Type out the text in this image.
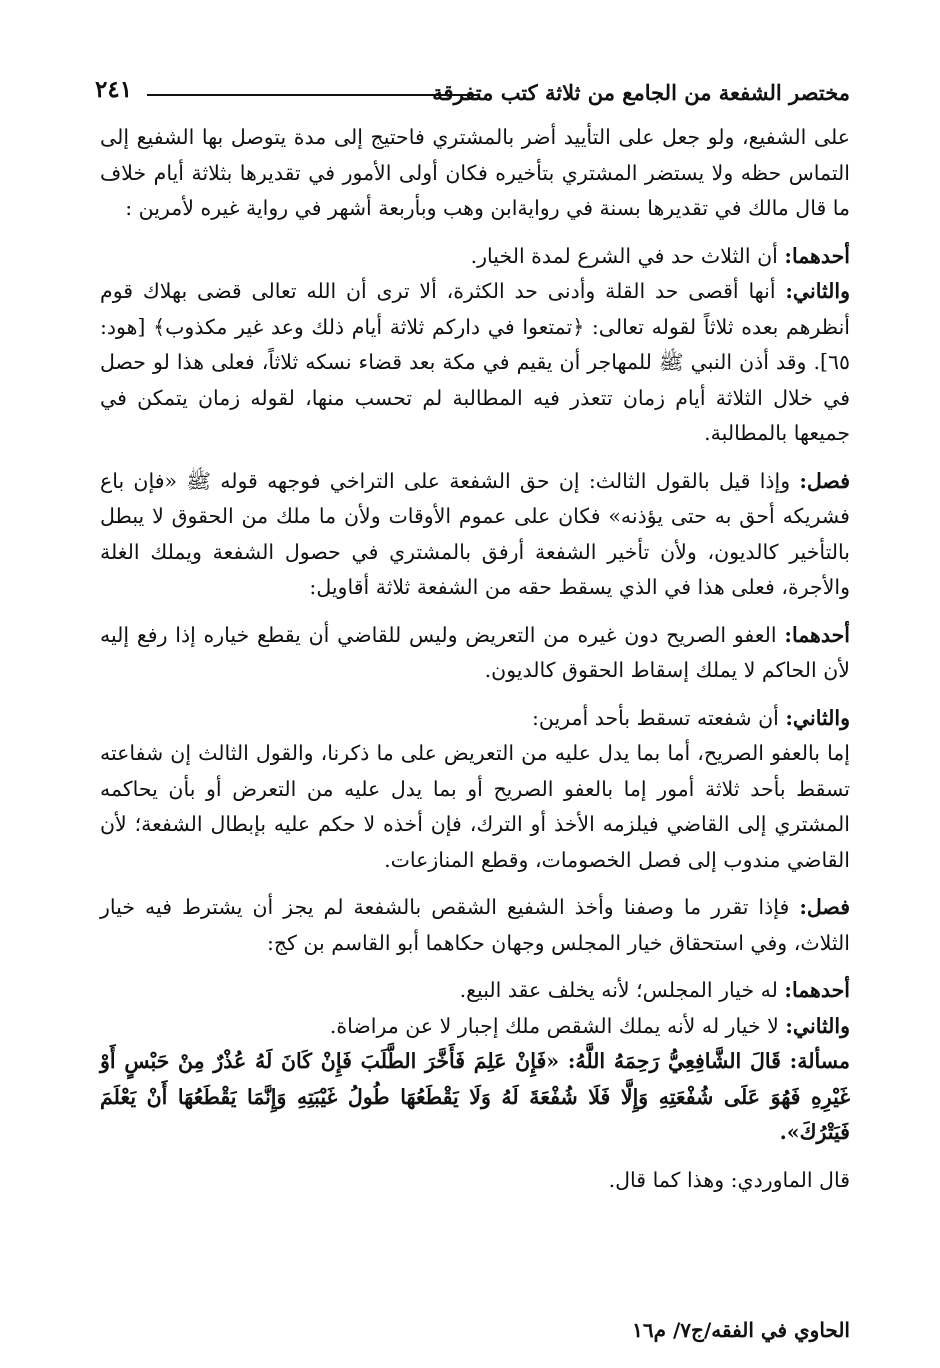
مختصر الشفعة من الجامع من ثلاثة كتب متفرقة
٢٤١

على الشفيع، ولو جعل على التأييد أضر بالمشتري فاحتيج إلى مدة يتوصل بها الشفيع إلى التماس حظه ولا يستضر المشتري بتأخيره فكان أولى الأمور في تقديرها بثلاثة أيام خلاف ما قال مالك في تقديرها بسنة في روايةابن وهب وبأربعة أشهر في رواية غيره لأمرين :

أحدهما: أن الثلاث حد في الشرع لمدة الخيار.

والثاني: أنها أقصى حد القلة وأدنى حد الكثرة، ألا ترى أن الله تعالى قضى بهلاك قوم أنظرهم بعده ثلاثاً لقوله تعالى: ﴿تمتعوا في داركم ثلاثة أيام ذلك وعد غير مكذوب﴾ [هود: ٦٥]. وقد أذن النبي ﷺ للمهاجر أن يقيم في مكة بعد قضاء نسكه ثلاثاً، فعلى هذا لو حصل في خلال الثلاثة أيام زمان تتعذر فيه المطالبة لم تحسب منها، لقوله زمان يتمكن في جميعها بالمطالبة.

فصل: وإذا قيل بالقول الثالث: إن حق الشفعة على التراخي فوجهه قوله ﷺ «فإن باع فشريكه أحق به حتى يؤذنه» فكان على عموم الأوقات ولأن ما ملك من الحقوق لا يبطل بالتأخير كالديون، ولأن تأخير الشفعة أرفق بالمشتري في حصول الشفعة ويملك الغلة والأجرة، فعلى هذا في الذي يسقط حقه من الشفعة ثلاثة أقاويل:

أحدهما: العفو الصريح دون غيره من التعريض وليس للقاضي أن يقطع خياره إذا رفع إليه لأن الحاكم لا يملك إسقاط الحقوق كالديون.

والثاني: أن شفعته تسقط بأحد أمرين:

إما بالعفو الصريح، أما بما يدل عليه من التعريض على ما ذكرنا، والقول الثالث إن شفاعته تسقط بأحد ثلاثة أمور إما بالعفو الصريح أو بما يدل عليه من التعرض أو بأن يحاكمه المشتري إلى القاضي فيلزمه الأخذ أو الترك، فإن أخذه لا حكم عليه بإبطال الشفعة؛ لأن القاضي مندوب إلى فصل الخصومات، وقطع المنازعات.

فصل: فإذا تقرر ما وصفنا وأخذ الشفيع الشقص بالشفعة لم يجز أن يشترط فيه خيار الثلاث، وفي استحقاق خيار المجلس وجهان حكاهما أبو القاسم بن كج:

أحدهما: له خيار المجلس؛ لأنه يخلف عقد البيع.

والثاني: لا خيار له لأنه يملك الشقص ملك إجبار لا عن مراضاة.

مسألة: قَالَ الشَّافِعِيُّ رَحِمَهُ اللَّهُ: «فَإِنْ عَلِمَ فَأَخَّرَ الطَّلَبَ فَإِنْ كَانَ لَهُ عُذْرٌ مِنْ حَبْسٍ أَوْ غَيْرِهِ فَهُوَ عَلَى شُفْعَتِهِ وَإِلَّا فَلَا شُفْعَةَ لَهُ وَلَا يَقْطَعُهَا طُولُ غَيْبَتِهِ وَإِنَّمَا يَقْطَعُهَا أَنْ يَعْلَمَ فَيَتْرُكَ».

قال الماوردي: وهذا كما قال.

الحاوي في الفقه/ج٧/ م١٦
